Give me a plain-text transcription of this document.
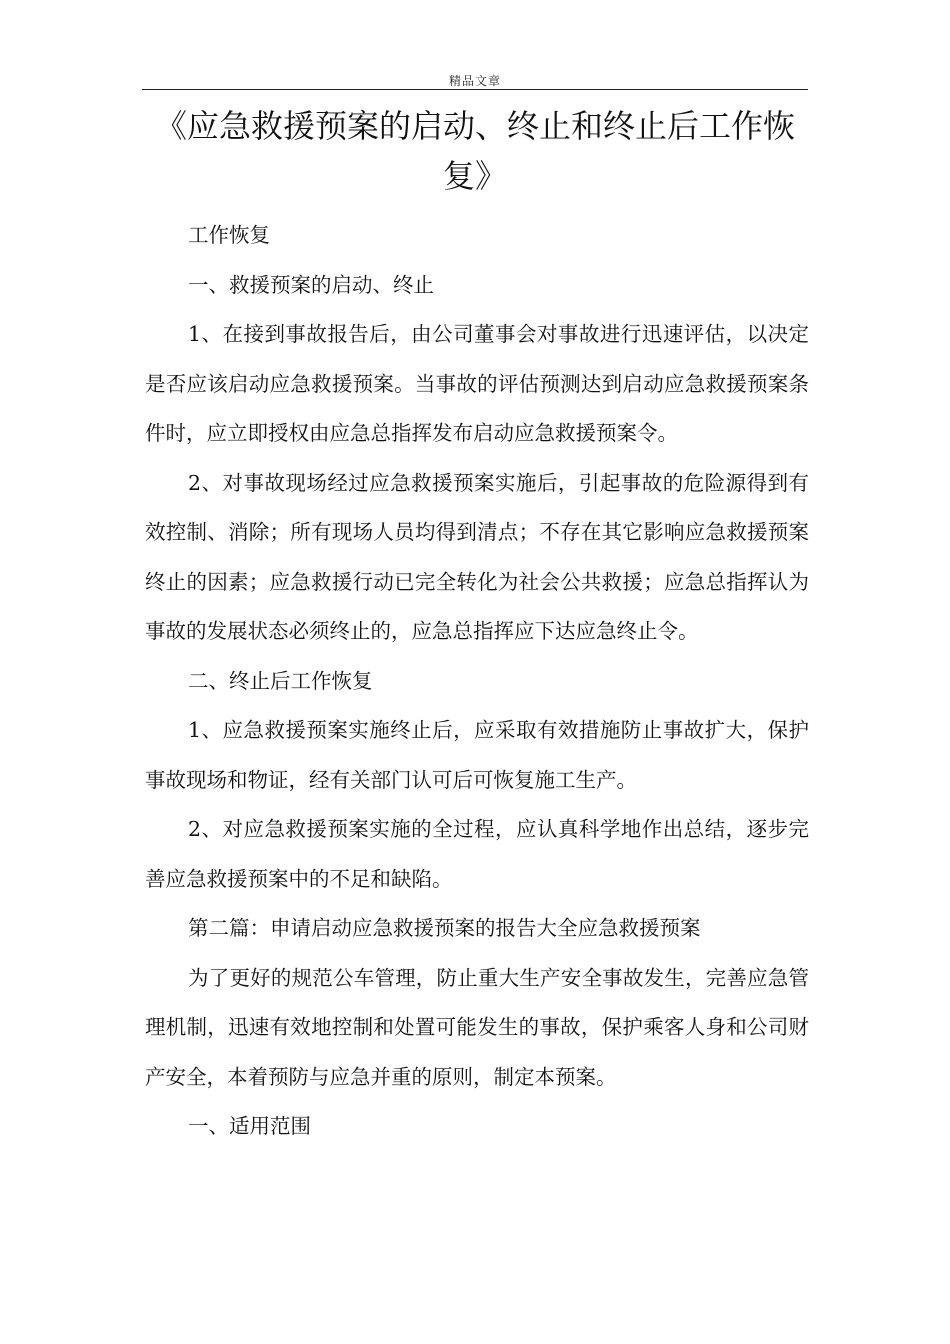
精品文章
《应急救援预案的启动、终止和终止后工作恢复》

工作恢复

一、救援预案的启动、终止

1、在接到事故报告后，由公司董事会对事故进行迅速评估，以决定是否应该启动应急救援预案。当事故的评估预测达到启动应急救援预案条件时，应立即授权由应急总指挥发布启动应急救援预案令。

2、对事故现场经过应急救援预案实施后，引起事故的危险源得到有效控制、消除；所有现场人员均得到清点；不存在其它影响应急救援预案终止的因素；应急救援行动已完全转化为社会公共救援；应急总指挥认为事故的发展状态必须终止的，应急总指挥应下达应急终止令。

二、终止后工作恢复

1、应急救援预案实施终止后，应采取有效措施防止事故扩大，保护事故现场和物证，经有关部门认可后可恢复施工生产。

2、对应急救援预案实施的全过程，应认真科学地作出总结，逐步完善应急救援预案中的不足和缺陷。

第二篇：申请启动应急救援预案的报告大全应急救援预案

为了更好的规范公车管理，防止重大生产安全事故发生，完善应急管理机制，迅速有效地控制和处置可能发生的事故，保护乘客人身和公司财产安全，本着预防与应急并重的原则，制定本预案。

一、适用范围
